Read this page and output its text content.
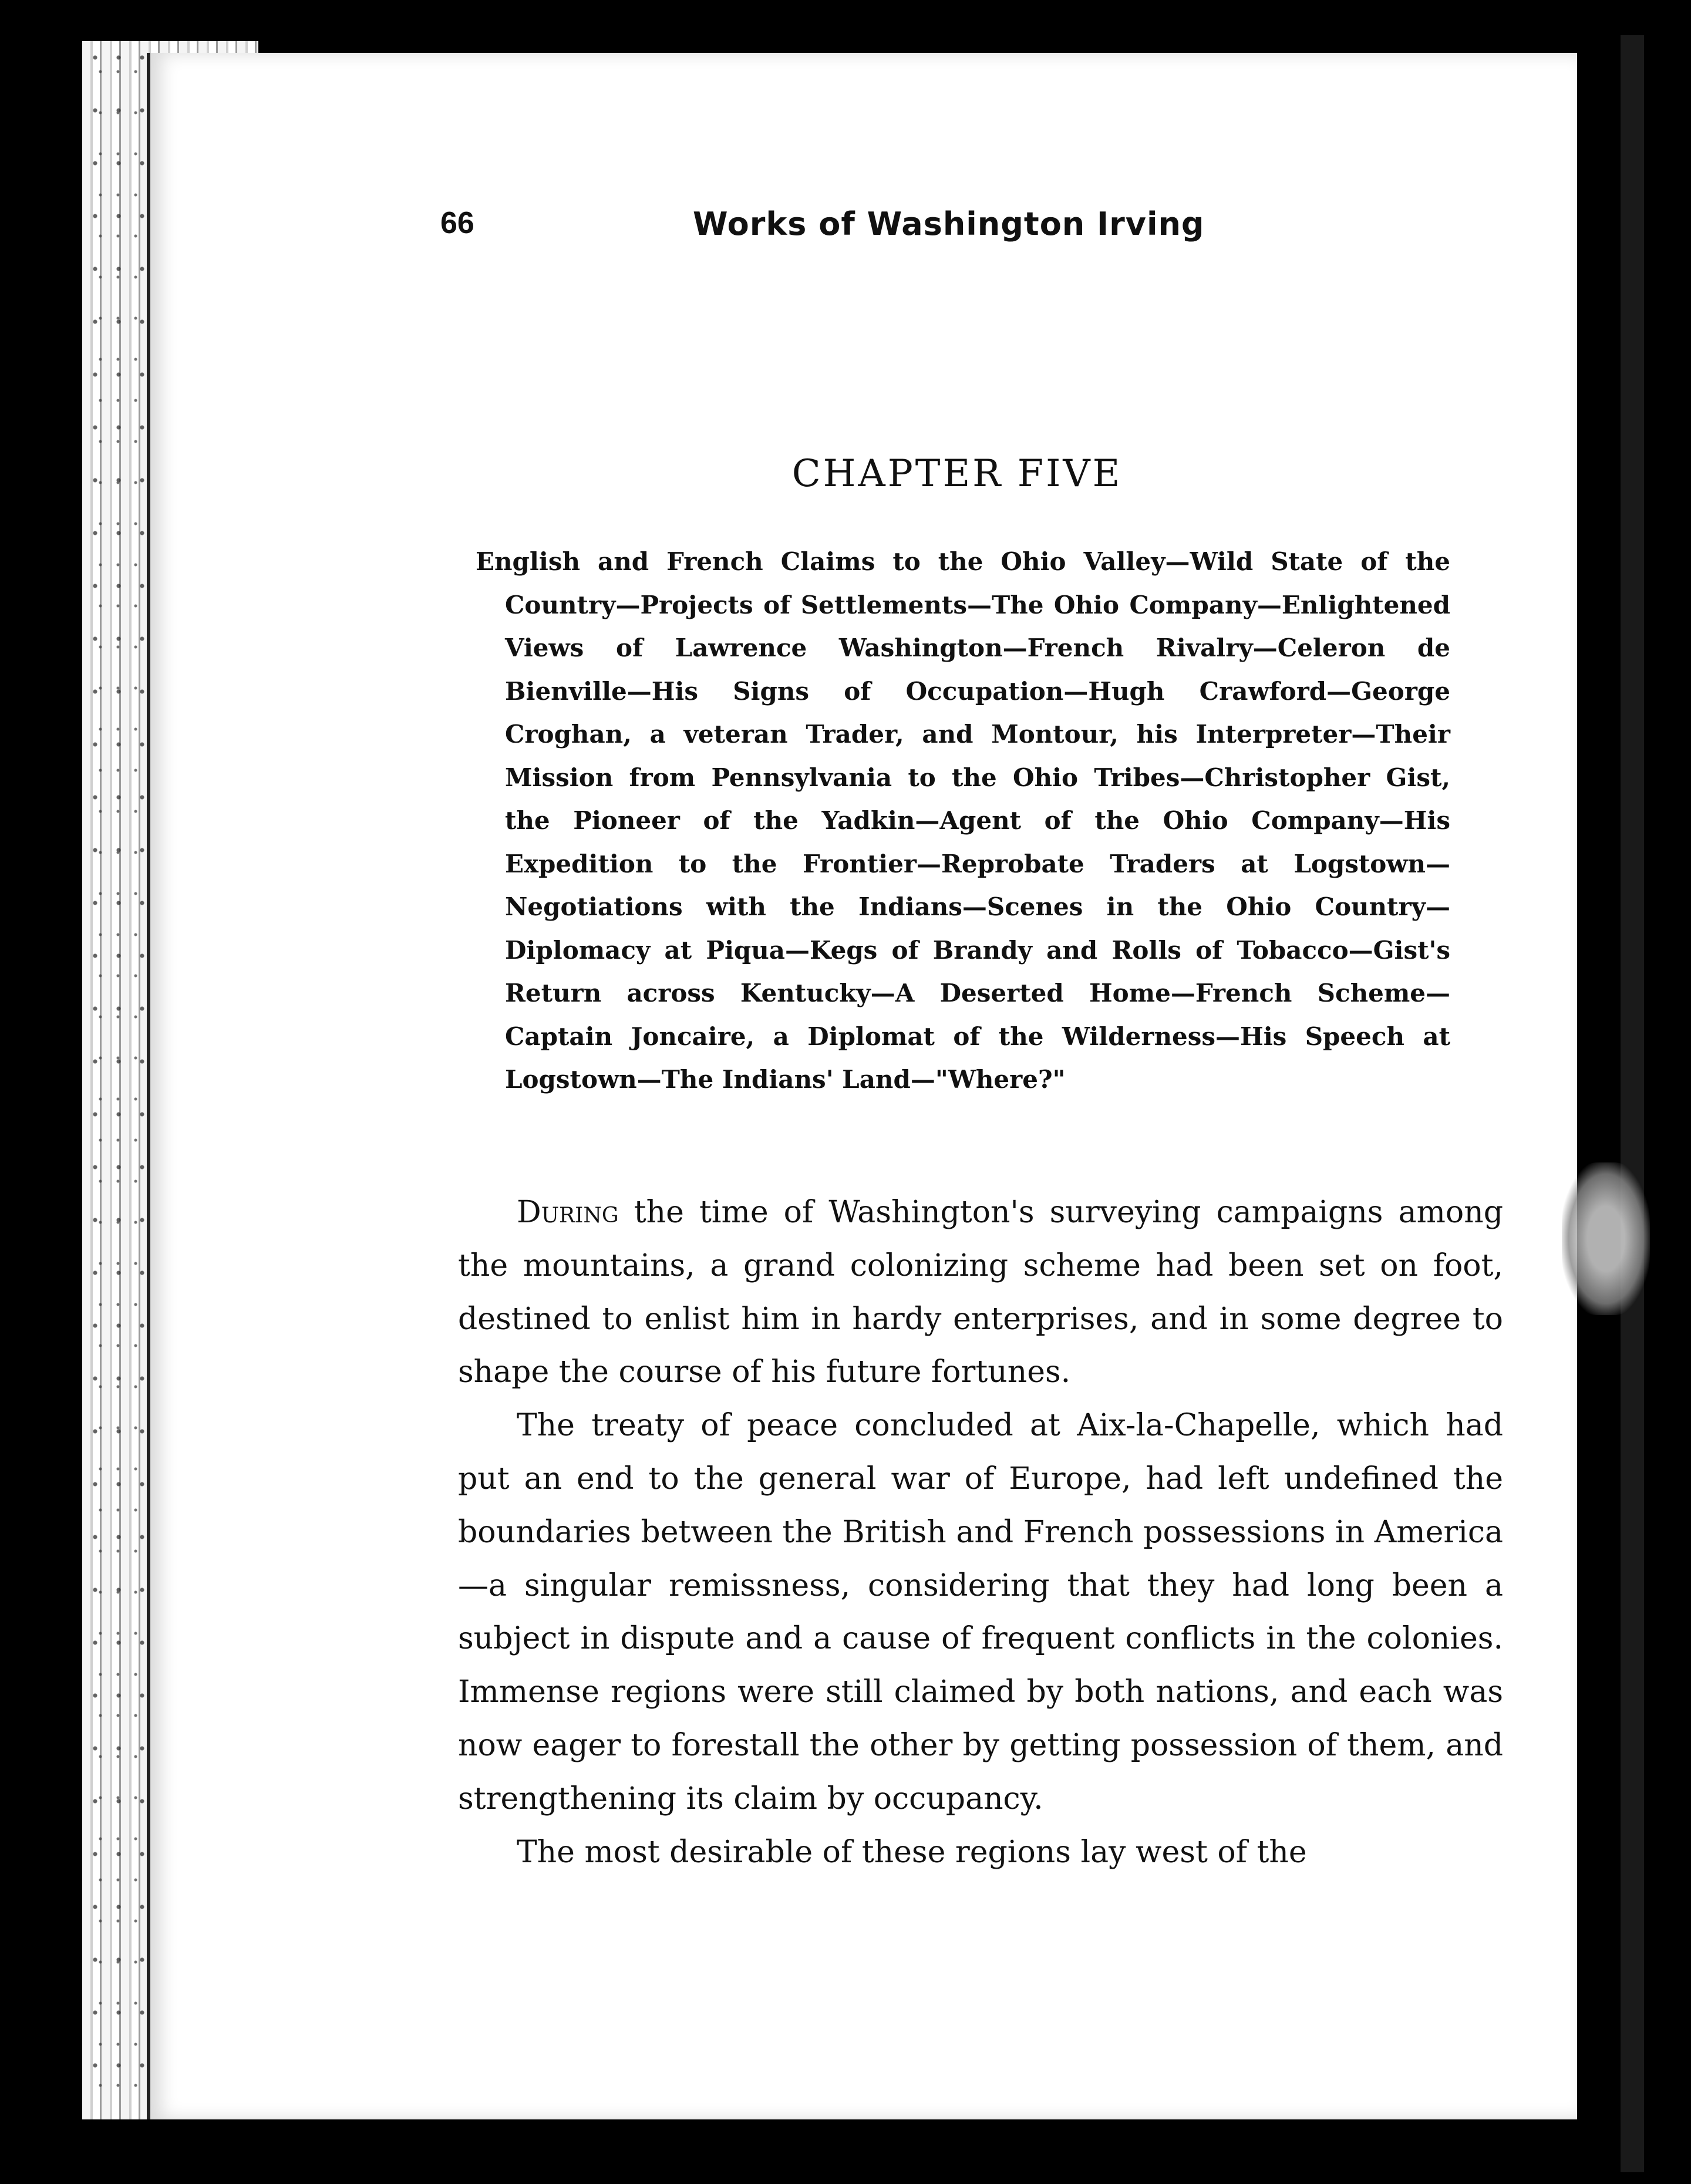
66	Works of Washington Irving
CHAPTER FIVE
English and French Claims to the Ohio Valley—Wild State of the Country—Projects of Settlements—The Ohio Company—Enlightened Views of Lawrence Washington—French Rivalry—Celeron de Bienville—His Signs of Occupation—Hugh Crawford—George Croghan, a veteran Trader, and Montour, his Interpreter—Their Mission from Pennsylvania to the Ohio Tribes—Christopher Gist, the Pioneer of the Yadkin—Agent of the Ohio Company—His Expedition to the Frontier—Reprobate Traders at Logstown—Negotiations with the Indians—Scenes in the Ohio Country—Diplomacy at Piqua—Kegs of Brandy and Rolls of Tobacco—Gist's Return across Kentucky—A Deserted Home—French Scheme—Captain Joncaire, a Diplomat of the Wilderness—His Speech at Logstown—The Indians' Land—"Where?"

During the time of Washington's surveying campaigns among the mountains, a grand colonizing scheme had been set on foot, destined to enlist him in hardy enterprises, and in some degree to shape the course of his future fortunes.

The treaty of peace concluded at Aix-la-Chapelle, which had put an end to the general war of Europe, had left undefined the boundaries between the British and French possessions in America—a singular remissness, considering that they had long been a subject in dispute and a cause of frequent conflicts in the colonies. Immense regions were still claimed by both nations, and each was now eager to forestall the other by getting possession of them, and strengthening its claim by occupancy.

The most desirable of these regions lay west of the
